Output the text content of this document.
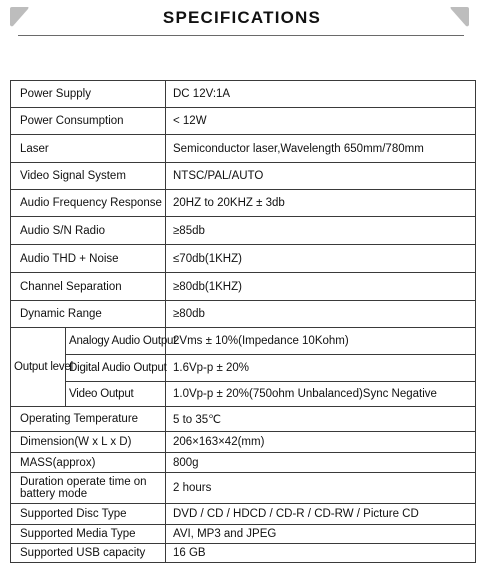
SPECIFICATIONS
Power Supply		DC 12V:1A
Power Consumption		< 12W
Laser		Semiconductor laser,Wavelength 650mm/780mm
Video Signal System		NTSC/PAL/AUTO
Audio Frequency Response		20HZ to 20KHZ ± 3db
Audio S/N Radio		≥85db
Audio THD + Noise		≤70db(1KHZ)
Channel Separation		≥80db(1KHZ)
Dynamic Range		≥80db
Output level	Analogy Audio Output	2Vms ± 10%(Impedance 10Kohm)
	Digital Audio Output	1.6Vp-p ± 20%
	Video Output	1.0Vp-p ± 20%(750ohm Unbalanced)Sync Negative
Operating Temperature		5 to 35℃
Dimension(W x L x D)		206×163×42(mm)
MASS(approx)		800g
Duration operate time on battery mode		2 hours
Supported Disc Type		DVD / CD / HDCD / CD-R / CD-RW / Picture CD
Supported Media Type		AVI, MP3 and JPEG
Supported USB capacity		16 GB
